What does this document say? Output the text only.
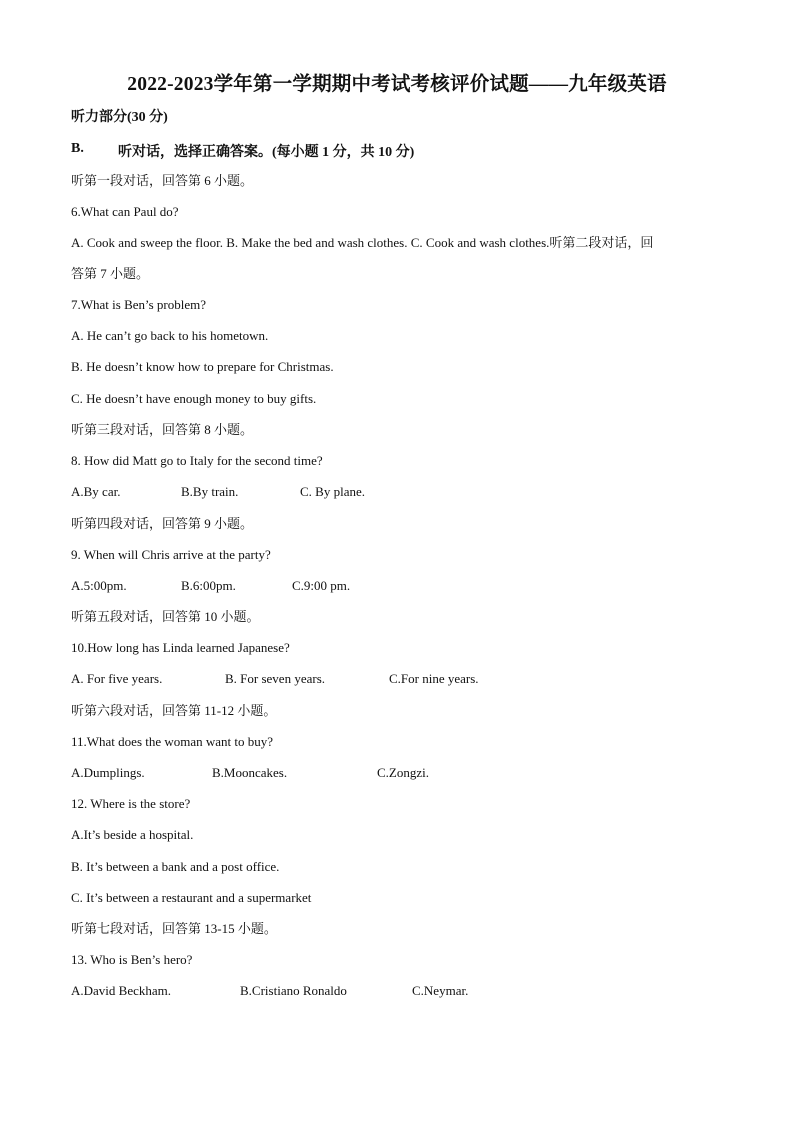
2022-2023学年第一学期期中考试考核评价试题——九年级英语
听力部分(30 分)
B. 听对话，选择正确答案。(每小题 1 分，共 10 分)
听第一段对话，回答第 6 小题。
6.What can Paul do?
A. Cook and sweep the floor. B. Make the bed and wash clothes. C. Cook and wash clothes.听第二段对话，回
答第 7 小题。
7.What is Ben’s problem?
A. He can’t go back to his hometown.
B. He doesn’t know how to prepare for Christmas.
C. He doesn’t have enough money to buy gifts.
听第三段对话，回答第 8 小题。
8. How did Matt go to Italy for the second time?
A.By car.	B.By train.	C. By plane.
听第四段对话，回答第 9 小题。
9. When will Chris arrive at the party?
A.5:00pm.	B.6:00pm.	C.9:00 pm.
听第五段对话，回答第 10 小题。
10.How long has Linda learned Japanese?
A. For five years.	B. For seven years.	C.For nine years.
听第六段对话，回答第 11-12 小题。
11.What does the woman want to buy?
A.Dumplings.	B.Mooncakes.	C.Zongzi.
12. Where is the store?
A.It’s beside a hospital.
B. It’s between a bank and a post office.
C. It’s between a restaurant and a supermarket
听第七段对话，回答第 13-15 小题。
13. Who is Ben’s hero?
A.David Beckham.	B.Cristiano Ronaldo	C.Neymar.
